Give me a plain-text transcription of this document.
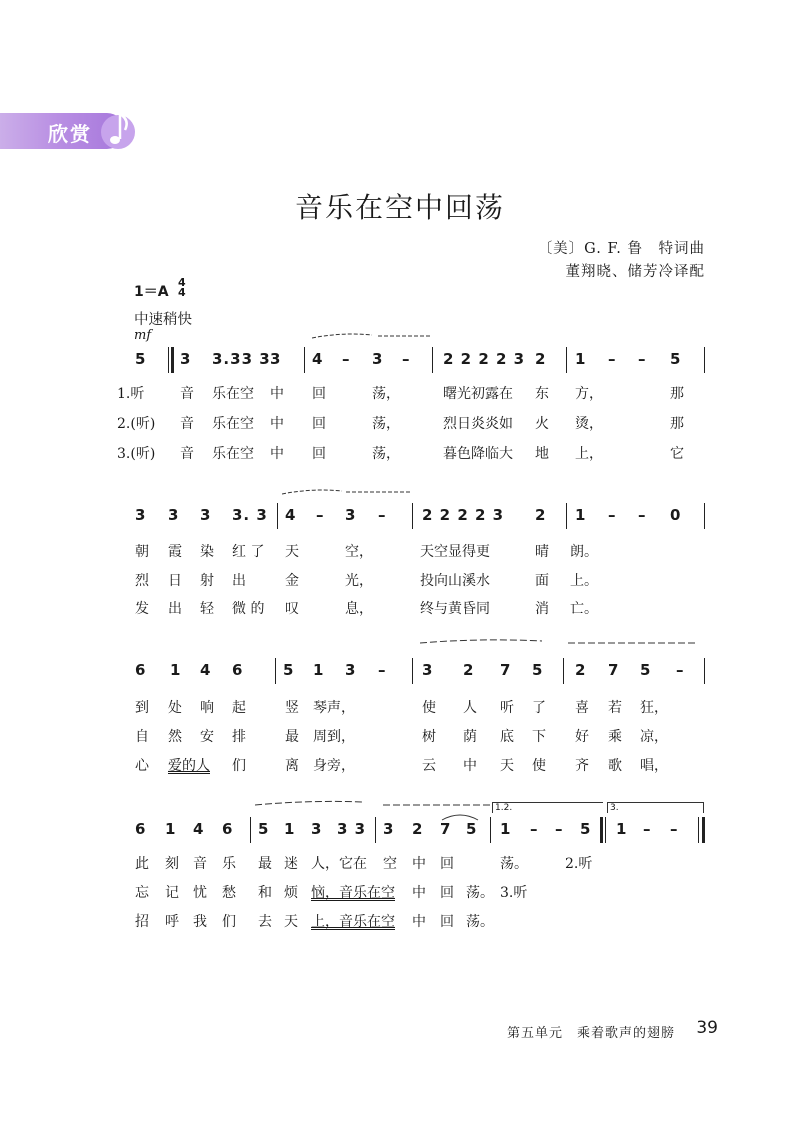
欣赏
音乐在空中回荡
〔美〕G. F. 鲁　特词曲
董翔晓、储芳冷译配
1＝A
4
4
中速稍快
mf
5 3 3.33 3 3 4 – 3 – 2 2 2 2 3 2 1 – – 5
1.听	音 乐在空 中 回	荡，	曙光初露在 东 方，	那
2.(听) 音 乐在空 中 回	荡，	烈日炎炎如 火 烫，	那
3.(听) 音 乐在空 中 回	荡，	暮色降临大 地 上，	它
3 3 3 3. 3 4 – 3 – 2 2 2 2 3 2 1 – – 0
朝 霞 染 红 了 天	空，	天空显得更	晴 朗。
烈 日 射 出	金	光，	投向山溪水	面 上。
发 出 轻 微 的 叹	息，	终与黄昏同	消 亡。
6 1 4 6	5 1 3 – 3 2 7 5 2 7 5 –
到 处 响 起	竖 琴声，	使 人 听 了 喜 若 狂，
自 然 安 排	最 周到，	树 荫 底 下 好 乘 凉，
心 爱的人 们	离 身旁，	云 中 天 使 齐 歌 唱，
1.2.	3.
6 1 4 6 5 1 3 3 3 3 2 7 5 1 – – 5 1 – –
此 刻 音 乐 最 迷 人，它在 空 中 回	荡。	2.听
忘 记 忧 愁 和 烦 恼，音乐在空 中 回 荡。 3.听
招 呼 我 们 去 天 上，音乐在空 中 回 荡。
第五单元　乘着歌声的翅膀 39
